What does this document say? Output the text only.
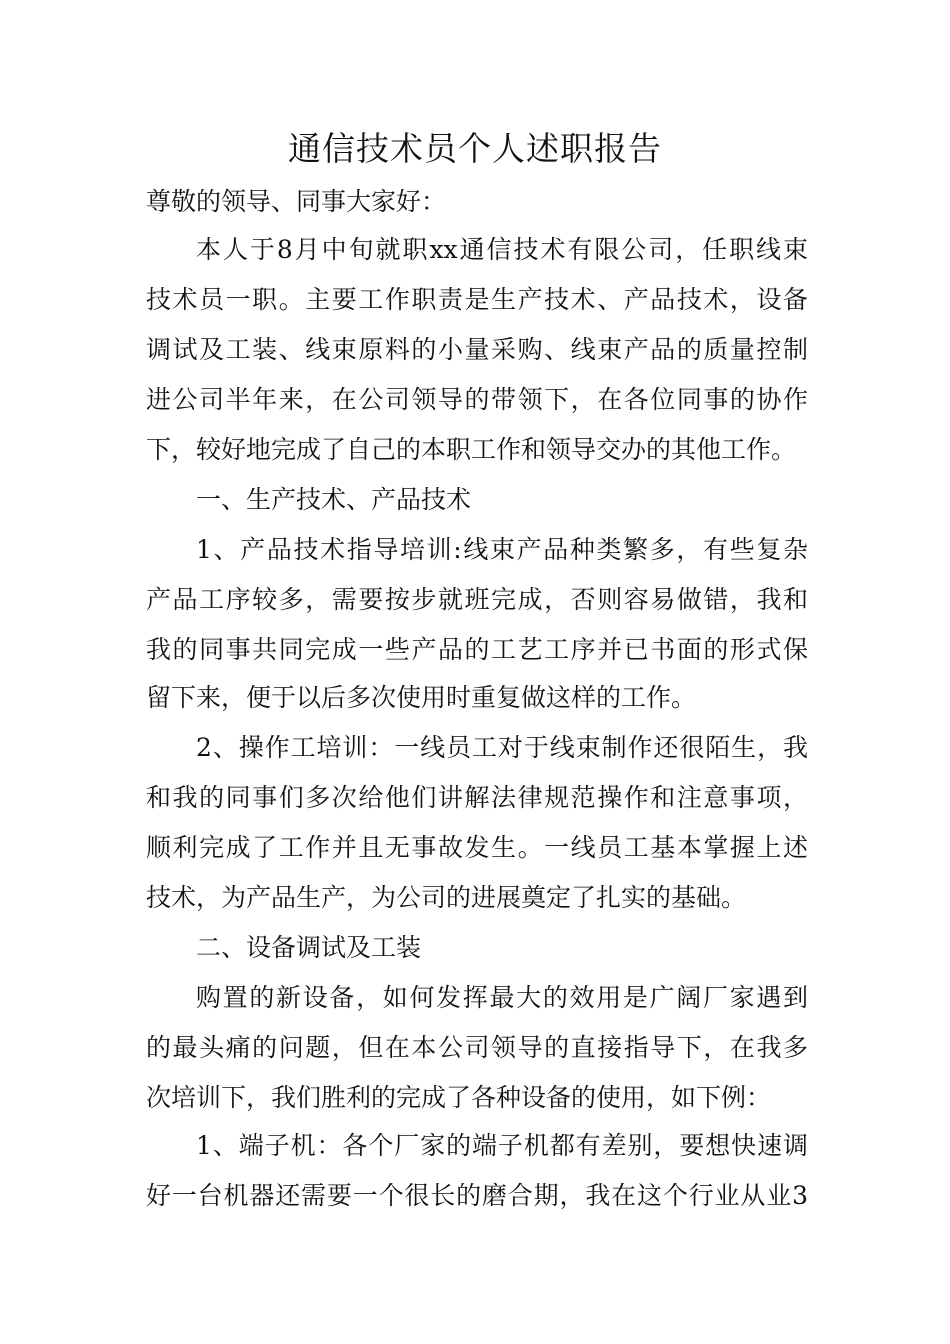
通信技术员个人述职报告

尊敬的领导、同事大家好：

本人于8月中旬就职xx通信技术有限公司，任职线束

技术员一职。主要工作职责是生产技术、产品技术，设备

调试及工装、线束原料的小量采购、线束产品的质量控制

进公司半年来，在公司领导的带领下，在各位同事的协作

下，较好地完成了自己的本职工作和领导交办的其他工作。

一、生产技术、产品技术

1、产品技术指导培训:线束产品种类繁多，有些复杂

产品工序较多，需要按步就班完成，否则容易做错，我和

我的同事共同完成一些产品的工艺工序并已书面的形式保

留下来，便于以后多次使用时重复做这样的工作。

2、操作工培训：一线员工对于线束制作还很陌生，我

和我的同事们多次给他们讲解法律规范操作和注意事项，

顺利完成了工作并且无事故发生。一线员工基本掌握上述

技术，为产品生产，为公司的进展奠定了扎实的基础。

二、设备调试及工装

购置的新设备，如何发挥最大的效用是广阔厂家遇到

的最头痛的问题，但在本公司领导的直接指导下，在我多

次培训下，我们胜利的完成了各种设备的使用，如下例：

1、端子机：各个厂家的端子机都有差别，要想快速调

好一台机器还需要一个很长的磨合期，我在这个行业从业3
